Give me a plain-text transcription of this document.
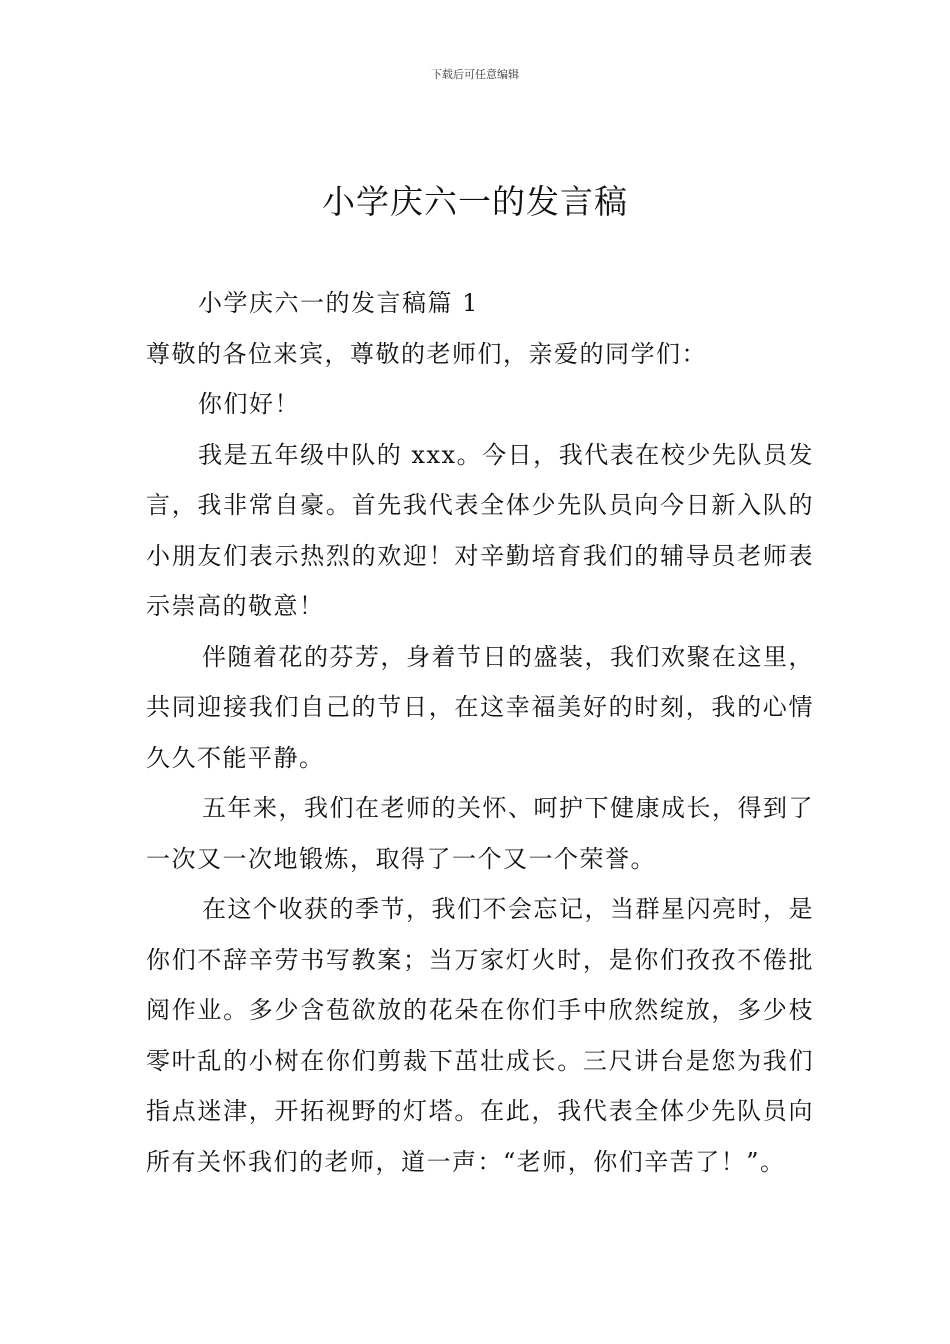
下载后可任意编辑
小学庆六一的发言稿

小学庆六一的发言稿篇 1

尊敬的各位来宾，尊敬的老师们，亲爱的同学们：

你们好！

我是五年级中队的 xxx。今日，我代表在校少先队员发言，我非常自豪。首先我代表全体少先队员向今日新入队的小朋友们表示热烈的欢迎！对辛勤培育我们的辅导员老师表示崇高的敬意！

伴随着花的芬芳，身着节日的盛装，我们欢聚在这里，共同迎接我们自己的节日，在这幸福美好的时刻，我的心情久久不能平静。

五年来，我们在老师的关怀、呵护下健康成长，得到了一次又一次地锻炼，取得了一个又一个荣誉。

在这个收获的季节，我们不会忘记，当群星闪亮时，是你们不辞辛劳书写教案；当万家灯火时，是你们孜孜不倦批阅作业。多少含苞欲放的花朵在你们手中欣然绽放，多少枝零叶乱的小树在你们剪裁下茁壮成长。三尺讲台是您为我们指点迷津，开拓视野的灯塔。在此，我代表全体少先队员向所有关怀我们的老师，道一声：“老师，你们辛苦了！”。
